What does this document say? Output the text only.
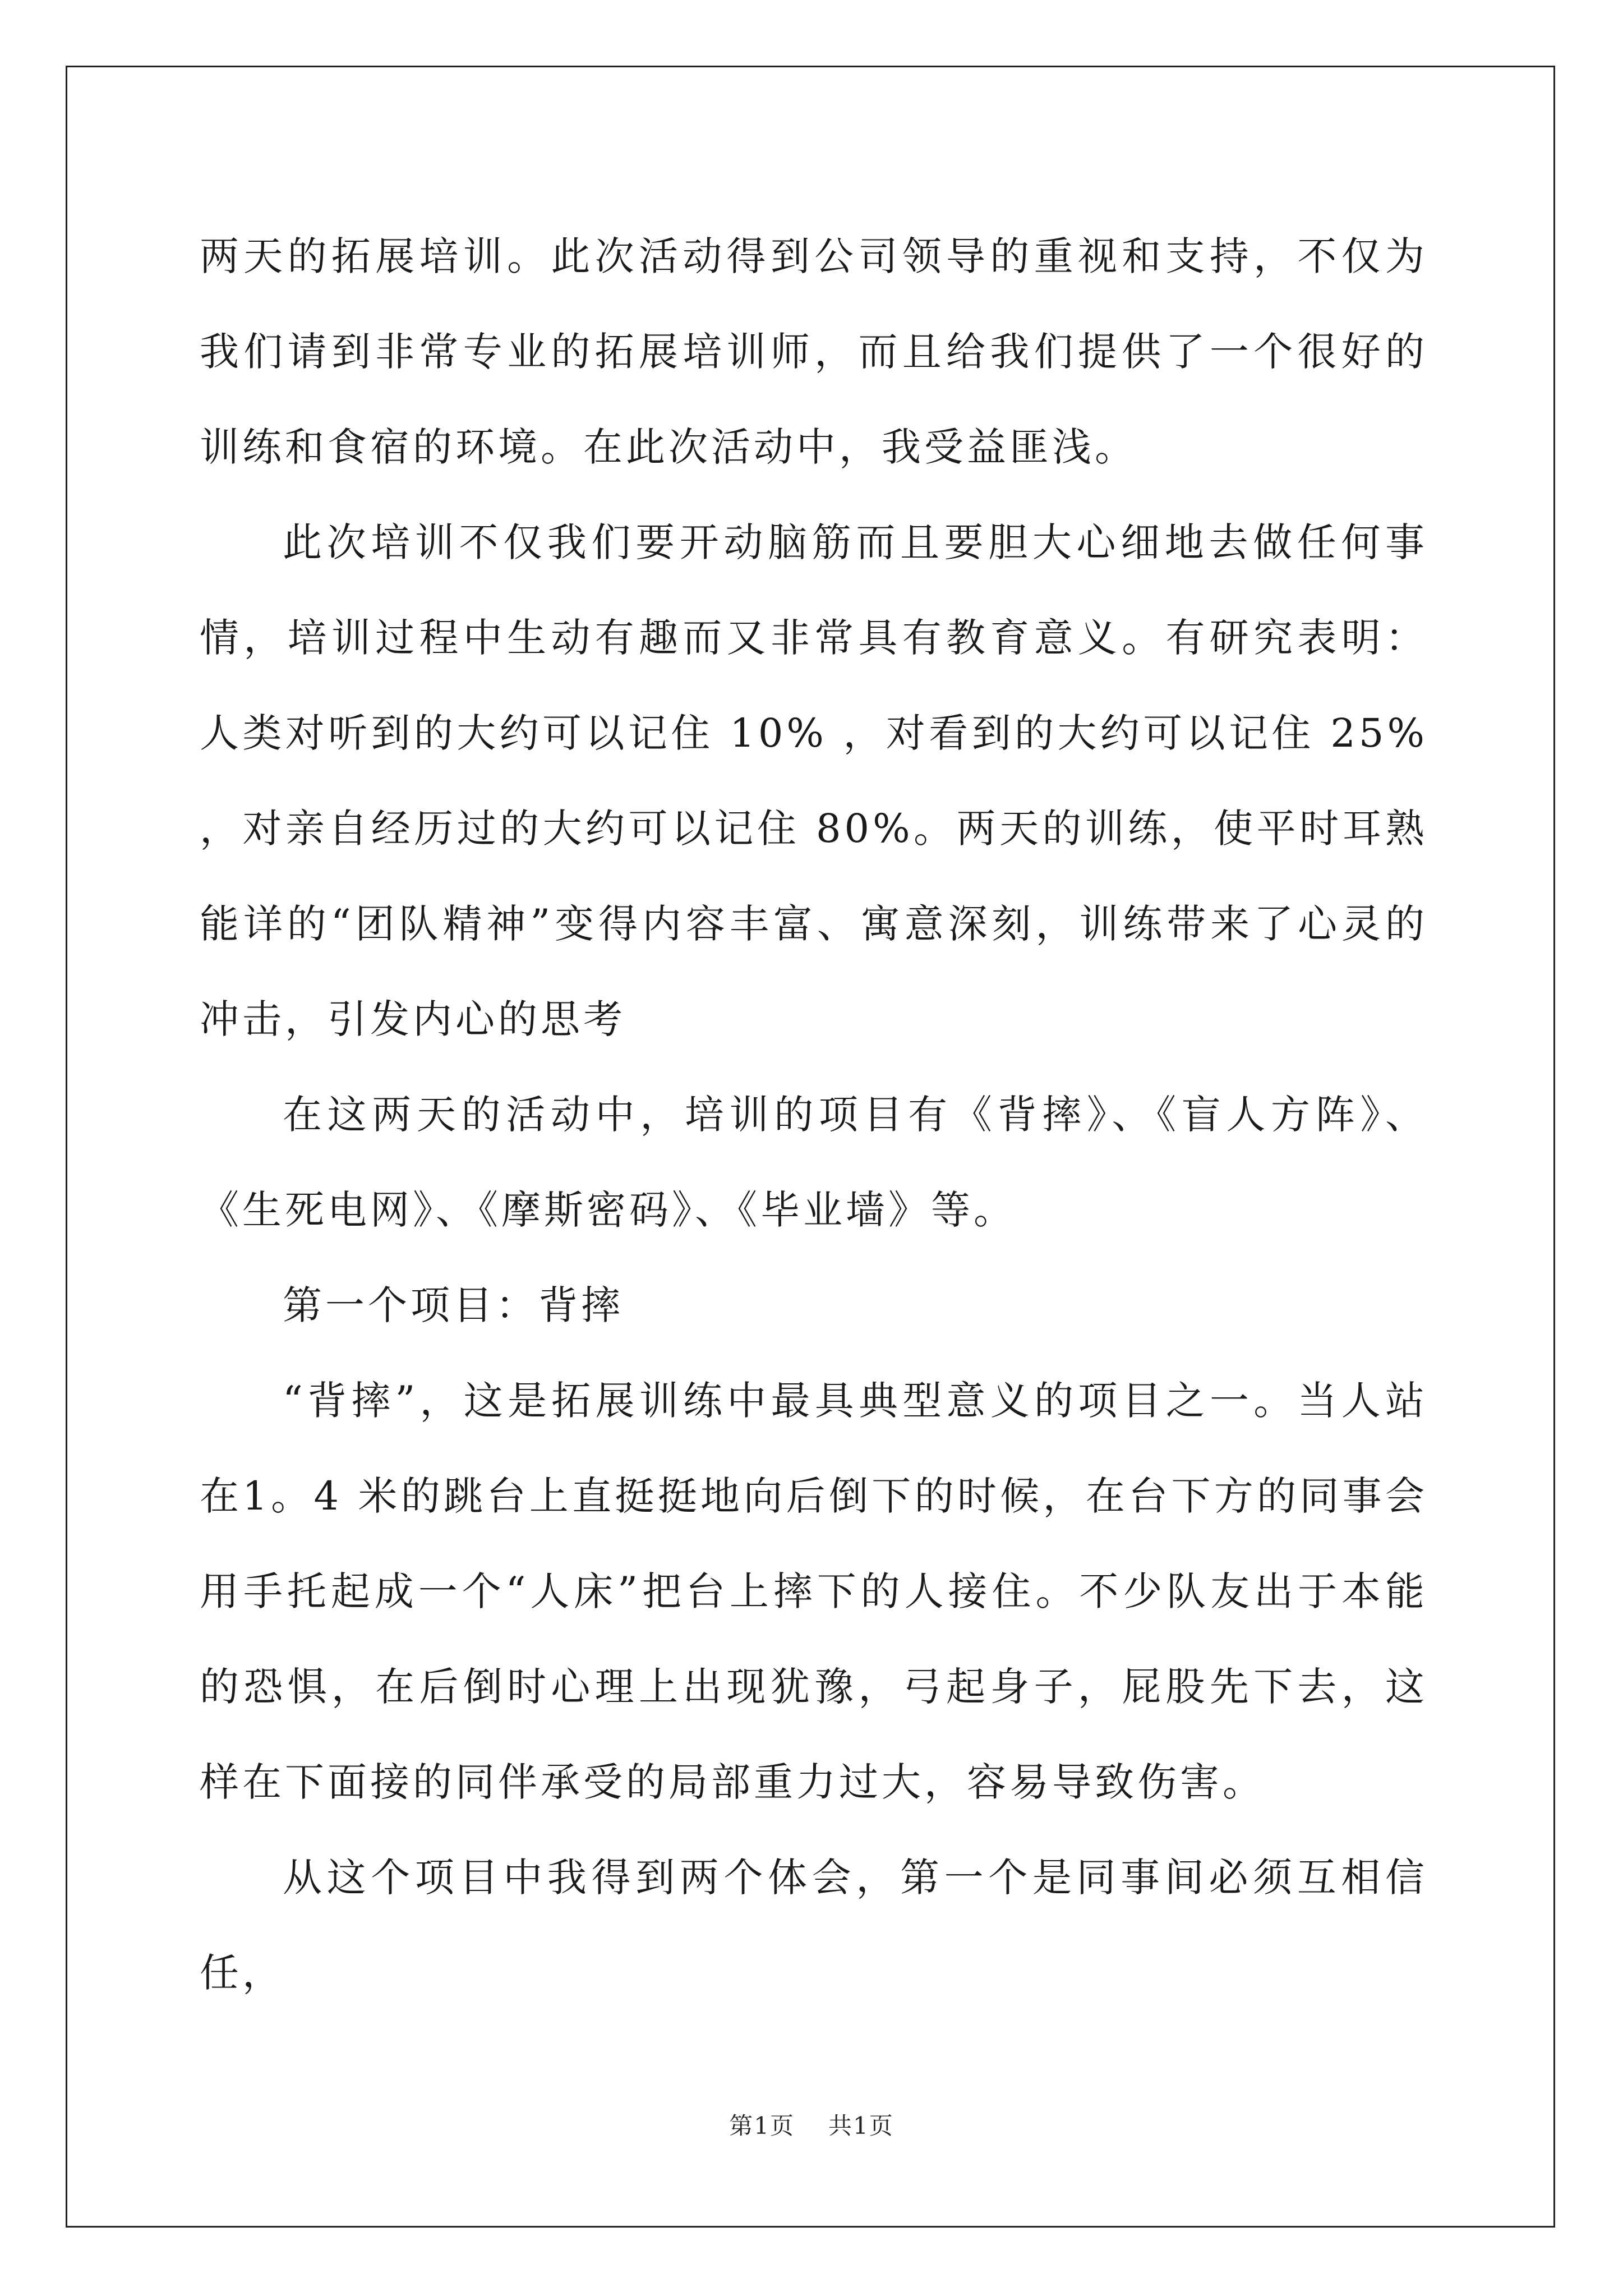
两天的拓展培训。此次活动得到公司领导的重视和支持，不仅为我们请到非常专业的拓展培训师，而且给我们提供了一个很好的训练和食宿的环境。在此次活动中，我受益匪浅。

此次培训不仅我们要开动脑筋而且要胆大心细地去做任何事情，培训过程中生动有趣而又非常具有教育意义。有研究表明：人类对听到的大约可以记住 10% ，对看到的大约可以记住 25% ，对亲自经历过的大约可以记住 80%。两天的训练，使平时耳熟能详的“团队精神”变得内容丰富、寓意深刻，训练带来了心灵的冲击，引发内心的思考

在这两天的活动中，培训的项目有《背摔》、《盲人方阵》、《生死电网》、《摩斯密码》、《毕业墙》等。

第一个项目：背摔

“背摔”，这是拓展训练中最具典型意义的项目之一。当人站在1。4 米的跳台上直挺挺地向后倒下的时候，在台下方的同事会用手托起成一个“人床”把台上摔下的人接住。不少队友出于本能的恐惧，在后倒时心理上出现犹豫，弓起身子，屁股先下去，这样在下面接的同伴承受的局部重力过大，容易导致伤害。

从这个项目中我得到两个体会，第一个是同事间必须互相信任，

第1页 共1页
